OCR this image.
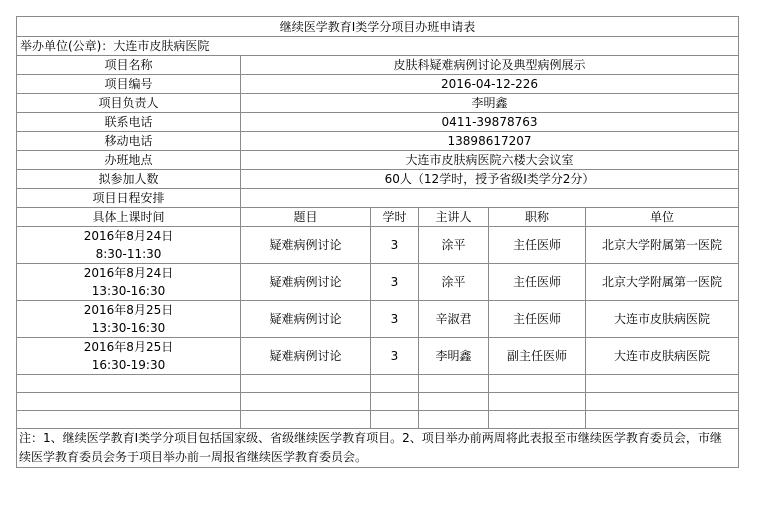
继续医学教育I类学分项目办班申请表					
举办单位(公章)：大连市皮肤病医院					
项目名称	皮肤科疑难病例讨论及典型病例展示				
项目编号	2016-04-12-226				
项目负责人	李明鑫				
联系电话	0411-39878763				
移动电话	13898617207				
办班地点	大连市皮肤病医院六楼大会议室				
拟参加人数	60人（12学时，授予省级I类学分2分）				
项目日程安排					
具体上课时间	题目	学时	主讲人	职称	单位

2016年8月24日
8:30-11:30	疑难病例讨论	3	涂平	主任医师	北京大学附属第一医院

2016年8月24日
13:30-16:30	疑难病例讨论	3	涂平	主任医师	北京大学附属第一医院

2016年8月25日
13:30-16:30	疑难病例讨论	3	辛淑君	主任医师	大连市皮肤病医院

2016年8月25日
16:30-19:30	疑难病例讨论	3	李明鑫	副主任医师	大连市皮肤病医院

注：1、继续医学教育Ⅰ类学分项目包括国家级、省级继续医学教育项目。2、项目举办前两周将此表报至市继续医学教育委员会，市继
续医学教育委员会务于项目举办前一周报省继续医学教育委员会。					
